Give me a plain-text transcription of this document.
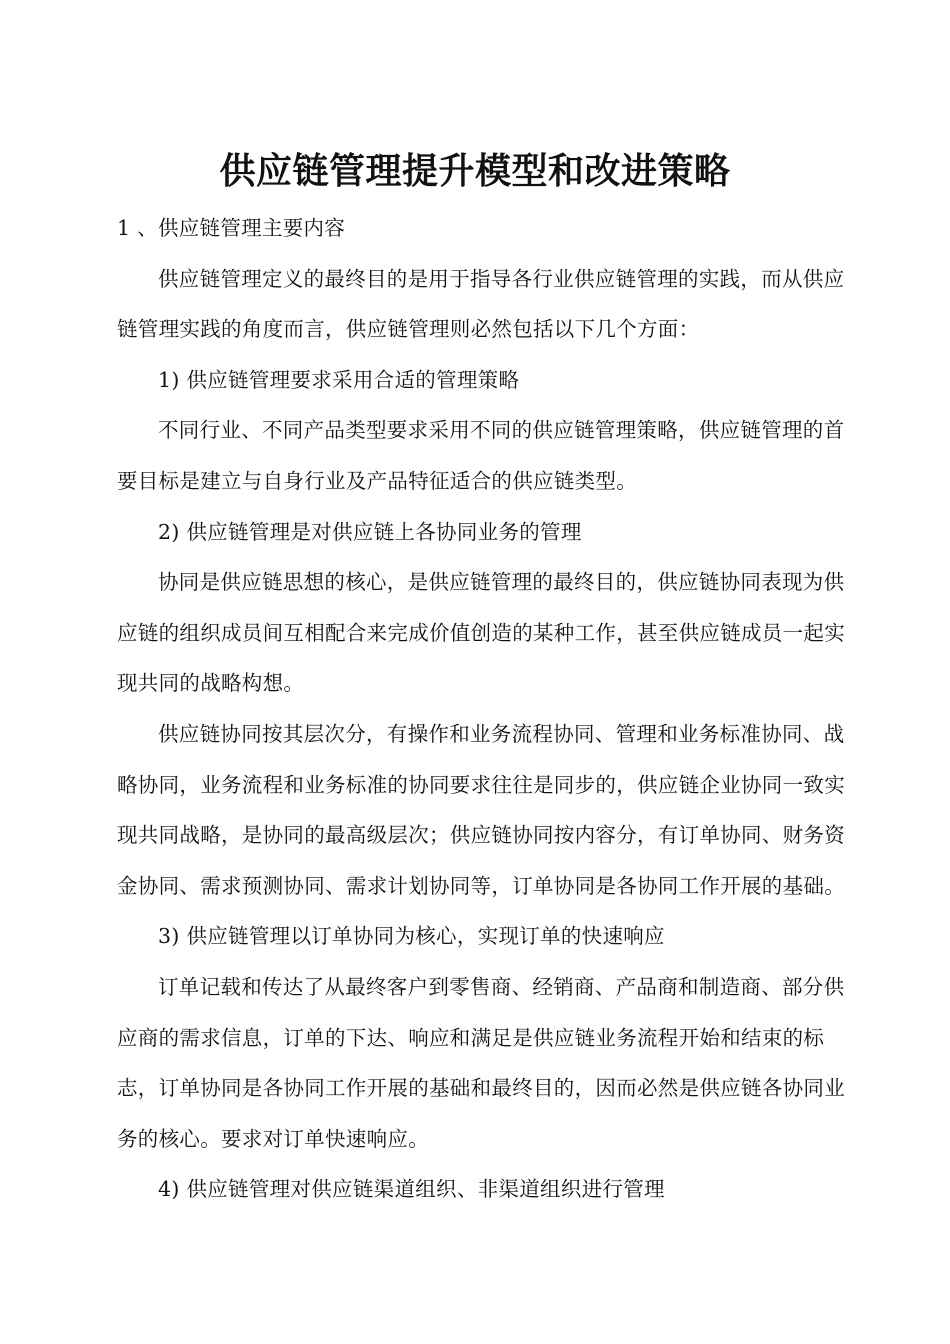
供应链管理提升模型和改进策略

1 、供应链管理主要内容

供应链管理定义的最终目的是用于指导各行业供应链管理的实践，而从供应链管理实践的角度而言，供应链管理则必然包括以下几个方面：

1) 供应链管理要求采用合适的管理策略

不同行业、不同产品类型要求采用不同的供应链管理策略，供应链管理的首要目标是建立与自身行业及产品特征适合的供应链类型。

2) 供应链管理是对供应链上各协同业务的管理

协同是供应链思想的核心，是供应链管理的最终目的，供应链协同表现为供应链的组织成员间互相配合来完成价值创造的某种工作，甚至供应链成员一起实现共同的战略构想。

供应链协同按其层次分，有操作和业务流程协同、管理和业务标准协同、战略协同，业务流程和业务标准的协同要求往往是同步的，供应链企业协同一致实现共同战略，是协同的最高级层次；供应链协同按内容分，有订单协同、财务资金协同、需求预测协同、需求计划协同等，订单协同是各协同工作开展的基础。

3) 供应链管理以订单协同为核心，实现订单的快速响应

订单记载和传达了从最终客户到零售商、经销商、产品商和制造商、部分供应商的需求信息，订单的下达、响应和满足是供应链业务流程开始和结束的标志，订单协同是各协同工作开展的基础和最终目的，因而必然是供应链各协同业务的核心。要求对订单快速响应。

4) 供应链管理对供应链渠道组织、非渠道组织进行管理
